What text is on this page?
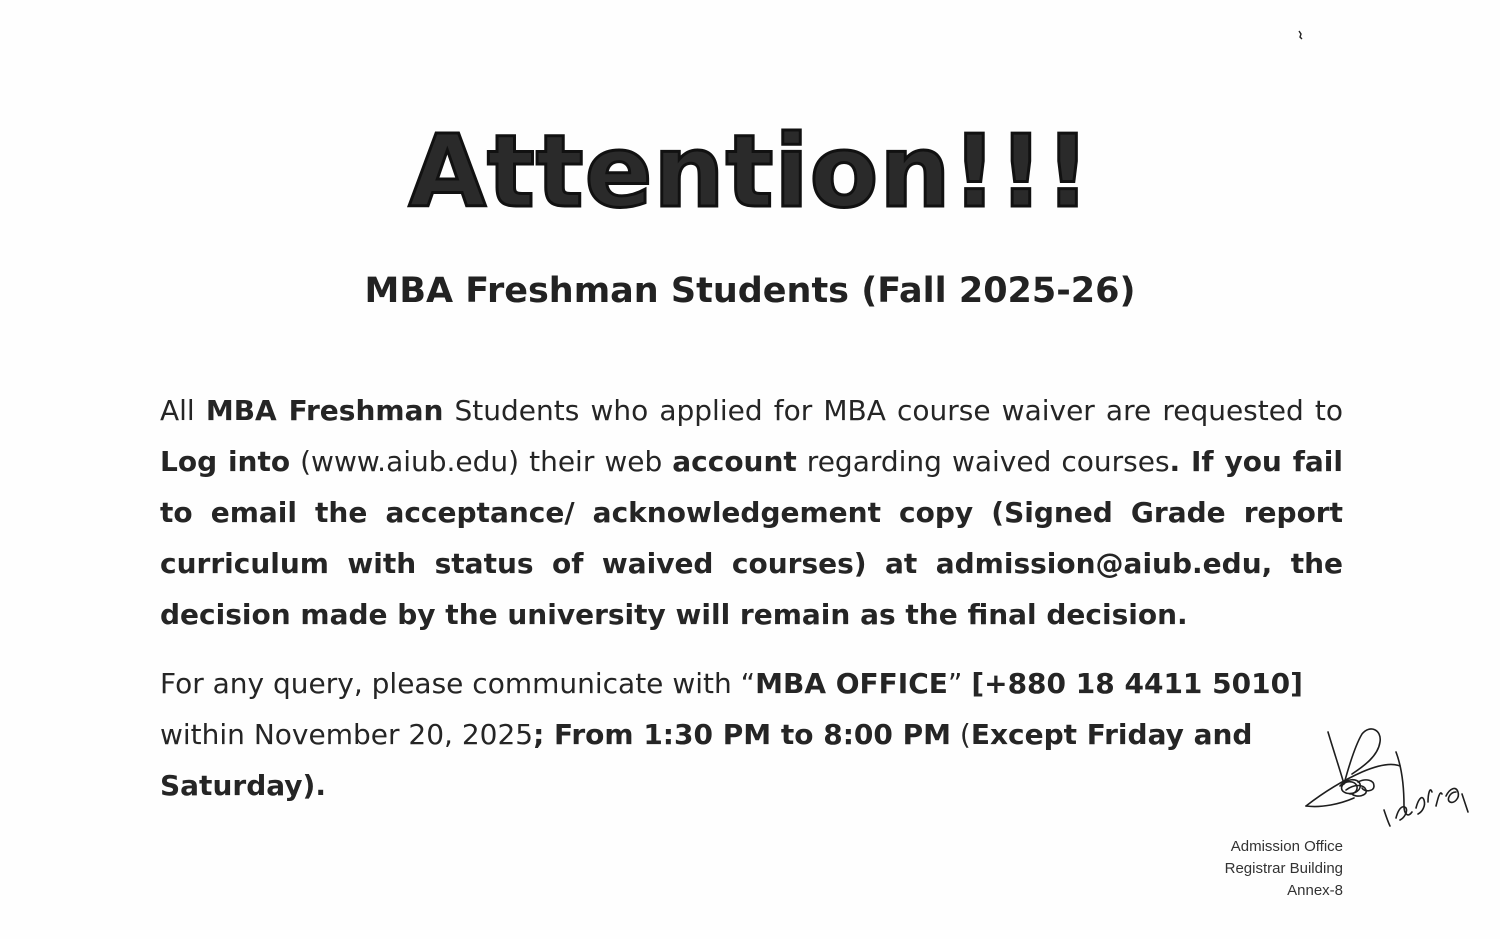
Attention!!!
MBA Freshman Students (Fall 2025-26)
All MBA Freshman Students who applied for MBA course waiver are requested to Log into (www.aiub.edu) their web account regarding waived courses. If you fail to email the acceptance/ acknowledgement copy (Signed Grade report curriculum with status of waived courses) at admission@aiub.edu, the decision made by the university will remain as the final decision.
For any query, please communicate with “MBA OFFICE” [+880 18 4411 5010] within November 20, 2025; From 1:30 PM to 8:00 PM (Except Friday and Saturday).
Admission Office
Registrar Building
Annex-8
